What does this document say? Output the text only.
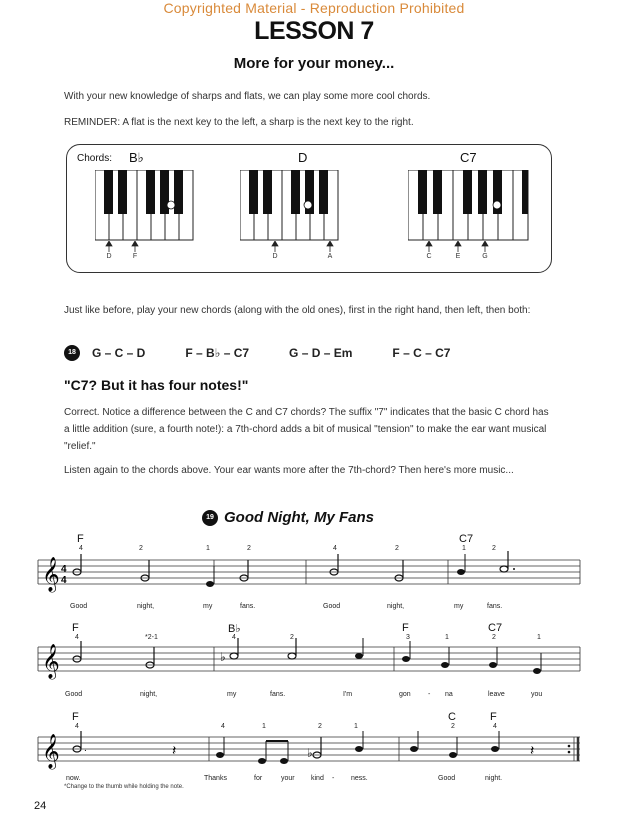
Copyrighted Material - Reproduction Prohibited
LESSON 7
More for your money...
With your new knowledge of sharps and flats, we can play some more cool chords.
REMINDER: A flat is the next key to the left, a sharp is the next key to the right.
Chords: B♭	D	C7
D	F	D	A	C	E	G
Just like before, play your new chords (along with the old ones), first in the right hand, then left, then both:
18	G – C – D	F – B♭ – C7	G – D – Em	F – C – C7
"C7? But it has four notes!"
Correct. Notice a difference between the C and C7 chords? The suffix "7" indicates that the basic C chord has a little addition (sure, a fourth note!): a 7th-chord adds a bit of musical "tension" to make the ear want musical "relief."
Listen again to the chords above. Your ear wants more after the 7th-chord? Then here's more music...
19 Good Night, My Fans
𝄞 4
4
F	C7
4	2	1	2	4	2	1	2
Good	night,	my	fans.	Good	night,	my	fans.
𝄞	♭
F	B♭	F	C7
4	*2-1	4	2	3	1	2	1
Good	night,	my	fans.	I'm	gon - na	leave	you
𝄞 .	♭
𝄽	𝄽
F	C	F
4	4	1	2	1	2	4
now.	Thanks	for	your kind - ness.	Good	night.
*Change to the thumb while holding the note.
24
